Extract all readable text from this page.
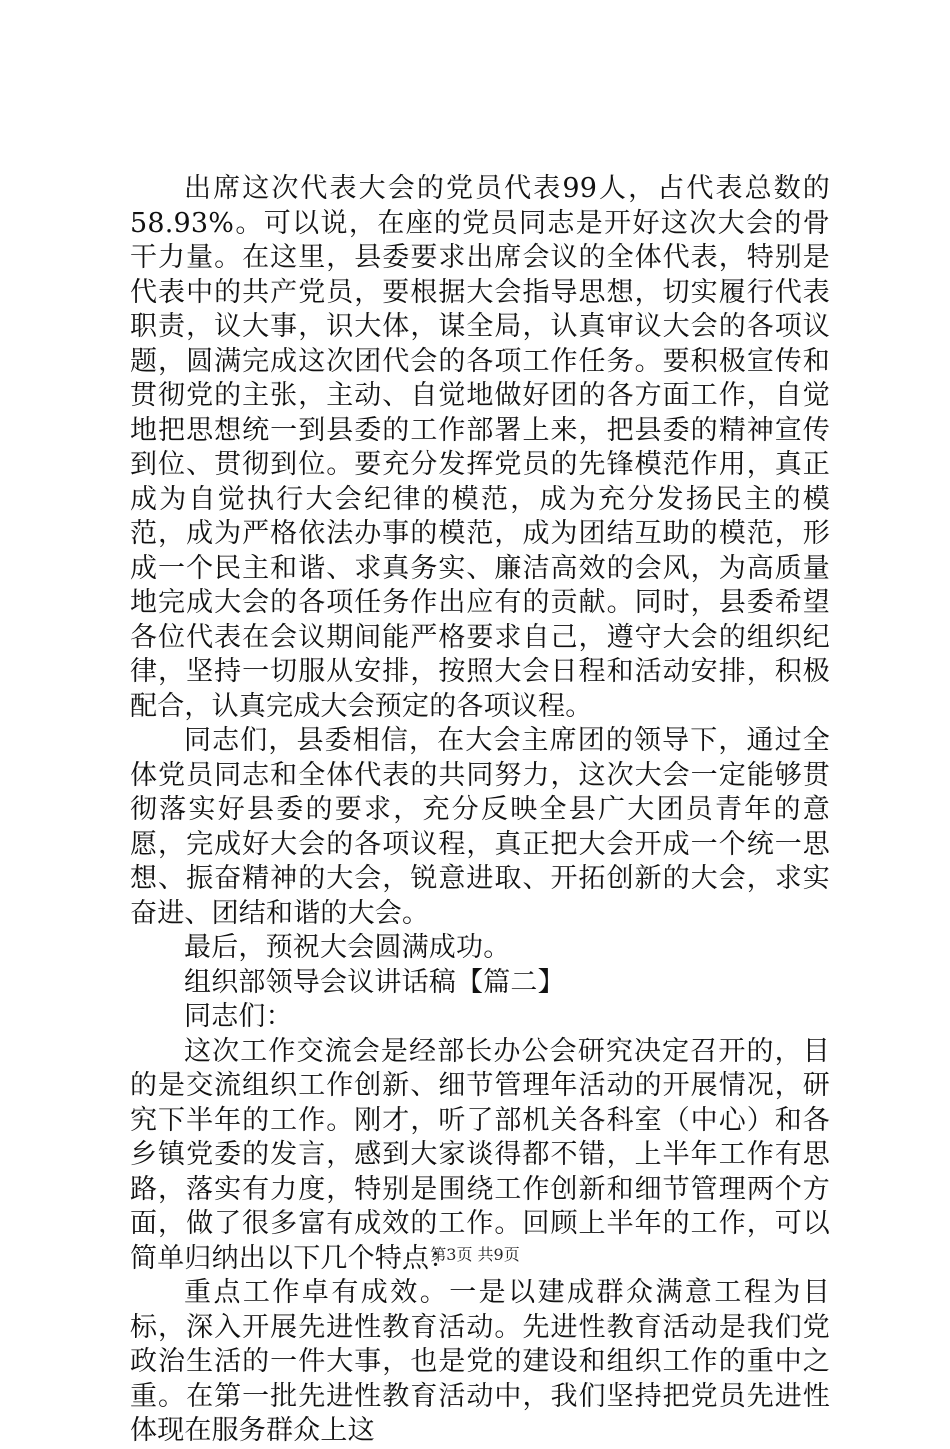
出席这次代表大会的党员代表99人，占代表总数的58.93%。可以说，在座的党员同志是开好这次大会的骨干力量。在这里，县委要求出席会议的全体代表，特别是代表中的共产党员，要根据大会指导思想，切实履行代表职责，议大事，识大体，谋全局，认真审议大会的各项议题，圆满完成这次团代会的各项工作任务。要积极宣传和贯彻党的主张，主动、自觉地做好团的各方面工作，自觉地把思想统一到县委的工作部署上来，把县委的精神宣传到位、贯彻到位。要充分发挥党员的先锋模范作用，真正成为自觉执行大会纪律的模范，成为充分发扬民主的模范，成为严格依法办事的模范，成为团结互助的模范，形成一个民主和谐、求真务实、廉洁高效的会风，为高质量地完成大会的各项任务作出应有的贡献。同时，县委希望各位代表在会议期间能严格要求自己，遵守大会的组织纪律，坚持一切服从安排，按照大会日程和活动安排，积极配合，认真完成大会预定的各项议程。

同志们，县委相信，在大会主席团的领导下，通过全体党员同志和全体代表的共同努力，这次大会一定能够贯彻落实好县委的要求，充分反映全县广大团员青年的意愿，完成好大会的各项议程，真正把大会开成一个统一思想、振奋精神的大会，锐意进取、开拓创新的大会，求实奋进、团结和谐的大会。

最后，预祝大会圆满成功。

组织部领导会议讲话稿【篇二】

同志们：

这次工作交流会是经部长办公会研究决定召开的，目的是交流组织工作创新、细节管理年活动的开展情况，研究下半年的工作。刚才，听了部机关各科室（中心）和各乡镇党委的发言，感到大家谈得都不错，上半年工作有思路，落实有力度，特别是围绕工作创新和细节管理两个方面，做了很多富有成效的工作。回顾上半年的工作，可以简单归纳出以下几个特点：

重点工作卓有成效。一是以建成群众满意工程为目标，深入开展先进性教育活动。先进性教育活动是我们党政治生活的一件大事，也是党的建设和组织工作的重中之重。在第一批先进性教育活动中，我们坚持把党员先进性体现在服务群众上这

第3页 共9页
